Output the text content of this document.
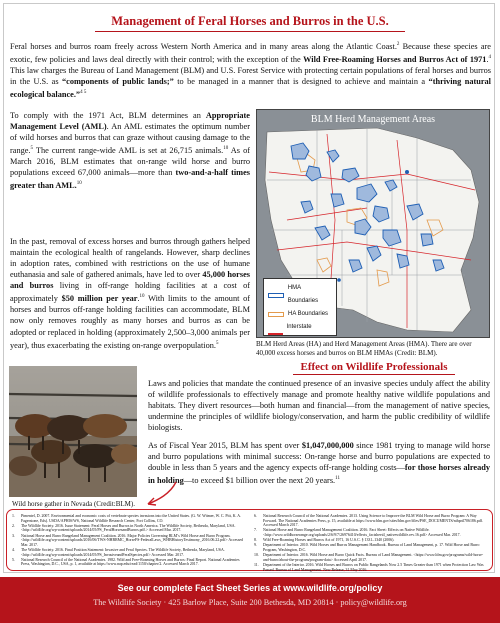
Management of Feral Horses and Burros in the U.S.
Feral horses and burros roam freely across Western North America and in many areas along the Atlantic Coast.$^2$ Because these species are exotic, few policies and laws deal directly with their control; with the exception of the Wild Free-Roaming Horses and Burros Act of 1971.$^4$ This law charges the Bureau of Land Management (BLM) and U.S. Forest Service with protecting certain populations of feral horses and burros in the U.S. as “components of public lands;” to be managed in a manner that is designed to achieve and maintain a “thriving natural ecological balance.”$^{4 5}$
To comply with the 1971 Act, BLM determines an Appropriate Management Level (AML). An AML estimates the optimum number of wild horses and burros that can graze without causing damage to the range.$^5$ The current range-wide AML is set at 26,715 animals.$^{10}$ As of March 2016, BLM estimates that on-range wild horse and burro populations exceed 67,000 animals—more than two-and-a-half times greater than AML.$^{10}$
In the past, removal of excess horses and burros through gathers helped maintain the ecological health of rangelands. However, sharp declines in adoption rates, combined with restrictions on the use of humane euthanasia and sale of gathered animals, have led to over 45,000 horses and burros living in off-range holding facilities at a cost of approximately $50 million per year.$^{10}$ With limits to the amount of horses and burros off-range holding facilities can accommodate, BLM now only removes roughly as many horses and burros as can be adopted or replaced in holding (approximately 2,500–3,000 animals per year), thus exacerbating the existing on-range overpopulation.$^5$
BLM Herd Management Areas
HMA Boundaries
HA Boundaries
Interstate
BLM Herd Areas (HA) and Herd Management Areas (HMA). There are over 40,000 excess horses and burros on BLM HMAs (Credit: BLM).
Wild horse gather in Nevada (Credit:BLM).
Effect on Wildlife Professionals
Laws and policies that mandate the continued presence of an invasive species unduly affect the ability of wildlife professionals to effectively manage and promote healthy native wildlife populations and habitats. They divert resources—both human and financial—from the management of native species, undermine the principles of wildlife biology/conservation, and harm the public credibility of wildlife biologists.
As of Fiscal Year 2015, BLM has spent over $1,047,000,000 since 1981 trying to manage wild horse and burro populations with minimal success: On-range horse and burro populations are expected to double in less than 5 years and the agency expects off-range holding costs—for those horses already in holding—to exceed $1 billion over the next 20 years.$^{11}$
1.	Pimentel, D. 2007. Environmental and economic costs of vertebrate species invasions into the United States. (G. W. Witmer, W. C. Pitt, K. A. Fagerstone, Eds). USDA/APHIS/WS, National Wildlife Research Center, Fort Collins, CO.
2.	The Wildlife Society. 2016. Issue Statement: Feral Horses and Burros in North America. The Wildlife Society, Bethesda, Maryland, USA. <http://wildlife.org/wp-content/uploads/2014/05/PS_FeralHorsesandBurros.pdf.> Accessed Mar. 2017.
3.	National Horse and Burro Rangeland Management Coalition. 2016. Major Policies Governing BLM’s Wild Horse and Burro Program. <http://wildlife.org/wp-content/uploads/2016/06/TWS-NHBRMC_HorseFS-FederalLaws_WHBHistoryTestimony_2016.06.22.pdf> Accessed Mar. 2017.
4.	The Wildlife Society. 2016. Final Position Statement: Invasive and Feral Species. The Wildlife Society, Bethesda, Maryland, USA. <http://wildlife.org/wp-content/uploads/2014/05/PS_InvasiveandFeralSpecies.pdf> Accessed Mar. 2017.
5.	National Research Council of the National Academies. 1982. Wild and Free-Roaming Horses and Burros: Final Report. National Academies Press, Washington, D.C., USA, p. 1, available at https://www.nap.edu/read/1150/chapter/2. Accessed March 2017.
6.	National Research Council of the National Academies. 2013. Using Science to Improve the BLM Wild Horse and Burro Program: A Way Forward. The National Academies Press, p. 15, available at https://www.blm.gov/sites/blm.gov/files/PSE_DOCUMENTS/nihpril706186.pdf. Accessed March 2017.
7.	National Horse and Burro Rangeland Management Coalition. 2016. Fact Sheet: Effects on Native Wildlife. <http://www.wildhorserange.org/uploads/2/6/9/7/26976410/effects_factsheet4_nativewildlife.rev.16.pdf> Accessed Mar. 2017.
8.	Wild Free-Roaming Horses and Burros Act of 1971, 16 U.S.C. § 1331–1340 (2006).
9.	Department of Interior. 2010. Wild Horses and Burros Management Handbook. Bureau of Land Management, p. 17. Wild Horse and Burro Program, Washington, D.C.
10.	Department of Interior. 2016. Wild Horse and Burro Quick Facts. Bureau of Land Management. <https://www.blm.gov/programs/wild-horse-and-burro/about-the-program/program-data> Accessed April 2017.
11.	Department of the Interior. 2016. Wild Horses and Burros on Public Rangelands Now 2.5 Times Greater than 1971 when Protection Law Was Passed. Bureau of Land Management. New Release, 31 May 2016.
See our complete Fact Sheet Series at www.wildlife.org/policy
The Wildlife Society · 425 Barlow Place, Suite 200 Bethesda, MD 20814 · policy@wildlife.org
